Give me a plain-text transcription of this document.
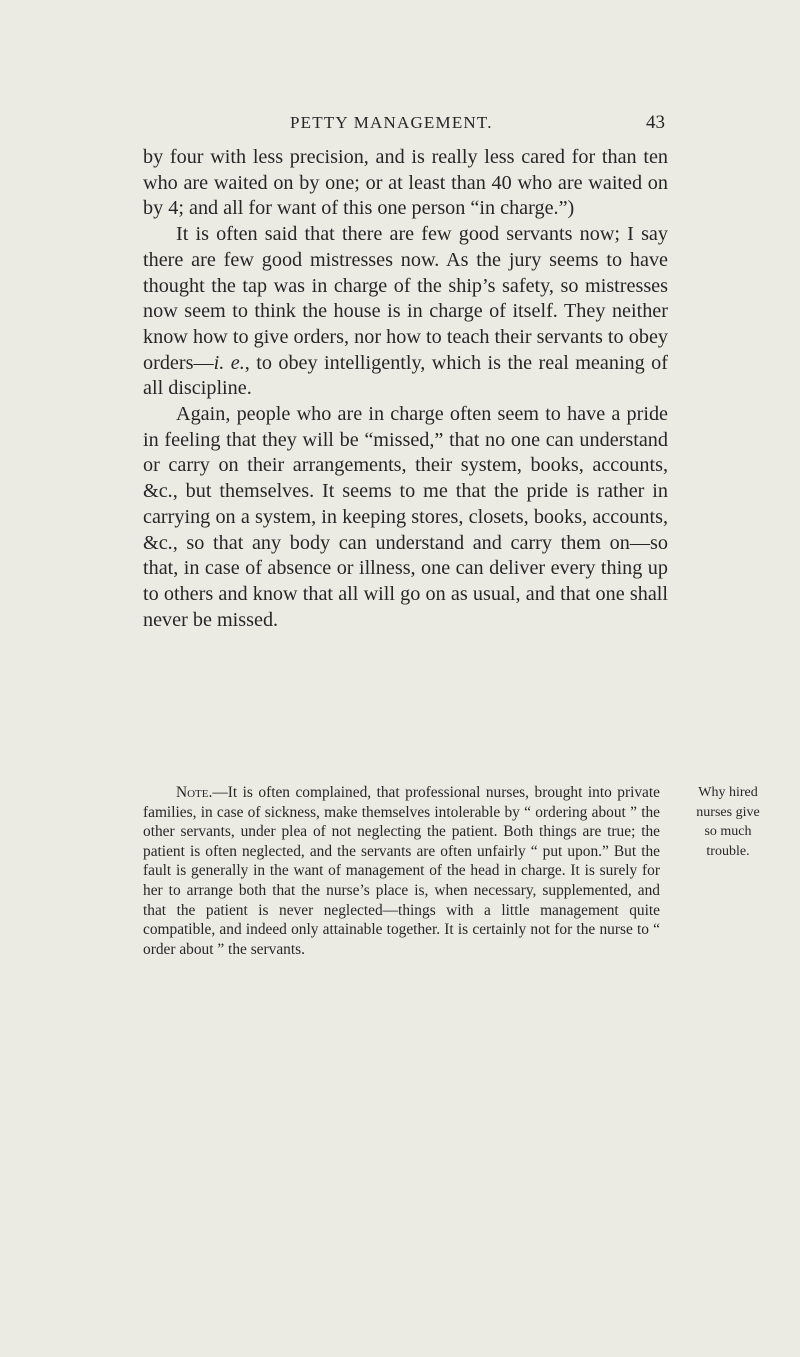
PETTY MANAGEMENT.	43

by four with less precision, and is really less cared for than ten who are waited on by one; or at least than 40 who are waited on by 4; and all for want of this one person “in charge.”)

It is often said that there are few good servants now; I say there are few good mistresses now. As the jury seems to have thought the tap was in charge of the ship’s safety, so mistresses now seem to think the house is in charge of itself. They neither know how to give orders, nor how to teach their servants to obey orders—i. e., to obey intelligently, which is the real meaning of all discipline.

Again, people who are in charge often seem to have a pride in feeling that they will be “missed,” that no one can understand or carry on their arrangements, their system, books, accounts, &c., but themselves. It seems to me that the pride is rather in carrying on a system, in keeping stores, closets, books, accounts, &c., so that any body can understand and carry them on—so that, in case of absence or illness, one can deliver every thing up to others and know that all will go on as usual, and that one shall never be missed.

Note.—It is often complained, that professional nurses, brought into private families, in case of sickness, make themselves intolerable by “ ordering about ” the other servants, under plea of not neglecting the patient. Both things are true; the patient is often neglected, and the servants are often unfairly “ put upon.” But the fault is generally in the want of management of the head in charge. It is surely for her to arrange both that the nurse’s place is, when necessary, supplemented, and that the patient is never neglected—things with a little management quite compatible, and indeed only attainable together. It is certainly not for the nurse to “ order about ” the servants.

Why hired
nurses give
so much
trouble.
